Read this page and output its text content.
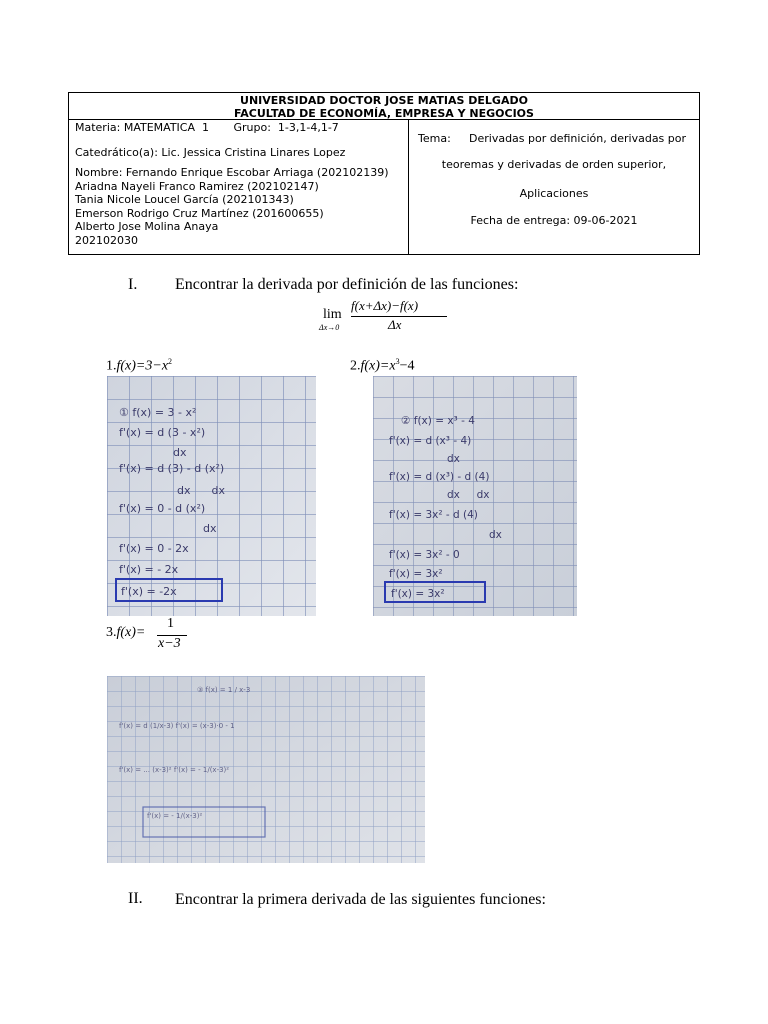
UNIVERSIDAD DOCTOR JOSE MATIAS DELGADO
FACULTAD DE ECONOMÍA, EMPRESA Y NEGOCIOS
Materia: MATEMATICA  1       Grupo:  1-3,1-4,1-7
Catedrático(a): Lic. Jessica Cristina Linares Lopez
Nombre: Fernando Enrique Escobar Arriaga (202102139)
Ariadna Nayeli Franco Ramirez (202102147)
Tania Nicole Loucel García (202101343)
Emerson Rodrigo Cruz Martínez (201600655)
Alberto Jose Molina Anaya
202102030
Tema: Derivadas por definición, derivadas por
teoremas y derivadas de orden superior,
Aplicaciones
Fecha de entrega: 09-06-2021
I. Encontrar la derivada por definición de las funciones:
lim
Δx→0
f(x+Δx)−f(x)
Δx
$1.f(x)=3-x^2$	$2.f(x)=x^3-4$
① f(x) = 3 - x²
f'(x) = d (3 - x²)
dx
f'(x) = d (3) - d (x²)
dx      dx
f'(x) = 0 - d (x²)
dx
f'(x) = 0 - 2x
f'(x) = - 2x
f'(x) = -2x
② f(x) = x³ - 4
f'(x) = d (x³ - 4)
dx
f'(x) = d (x³) - d (4)
dx     dx
f'(x) = 3x² - d (4)
dx
f'(x) = 3x² - 0
f'(x) = 3x²
f'(x) = 3x²
3.f(x)=
1
x−3
③ f(x) = 1 / x-3
f'(x) = d (1/x-3) f'(x) = (x-3)·0 - 1
f'(x) = ... (x-3)² f'(x) = - 1/(x-3)²
f'(x) = - 1/(x-3)²
II. Encontrar la primera derivada de las siguientes funciones:
